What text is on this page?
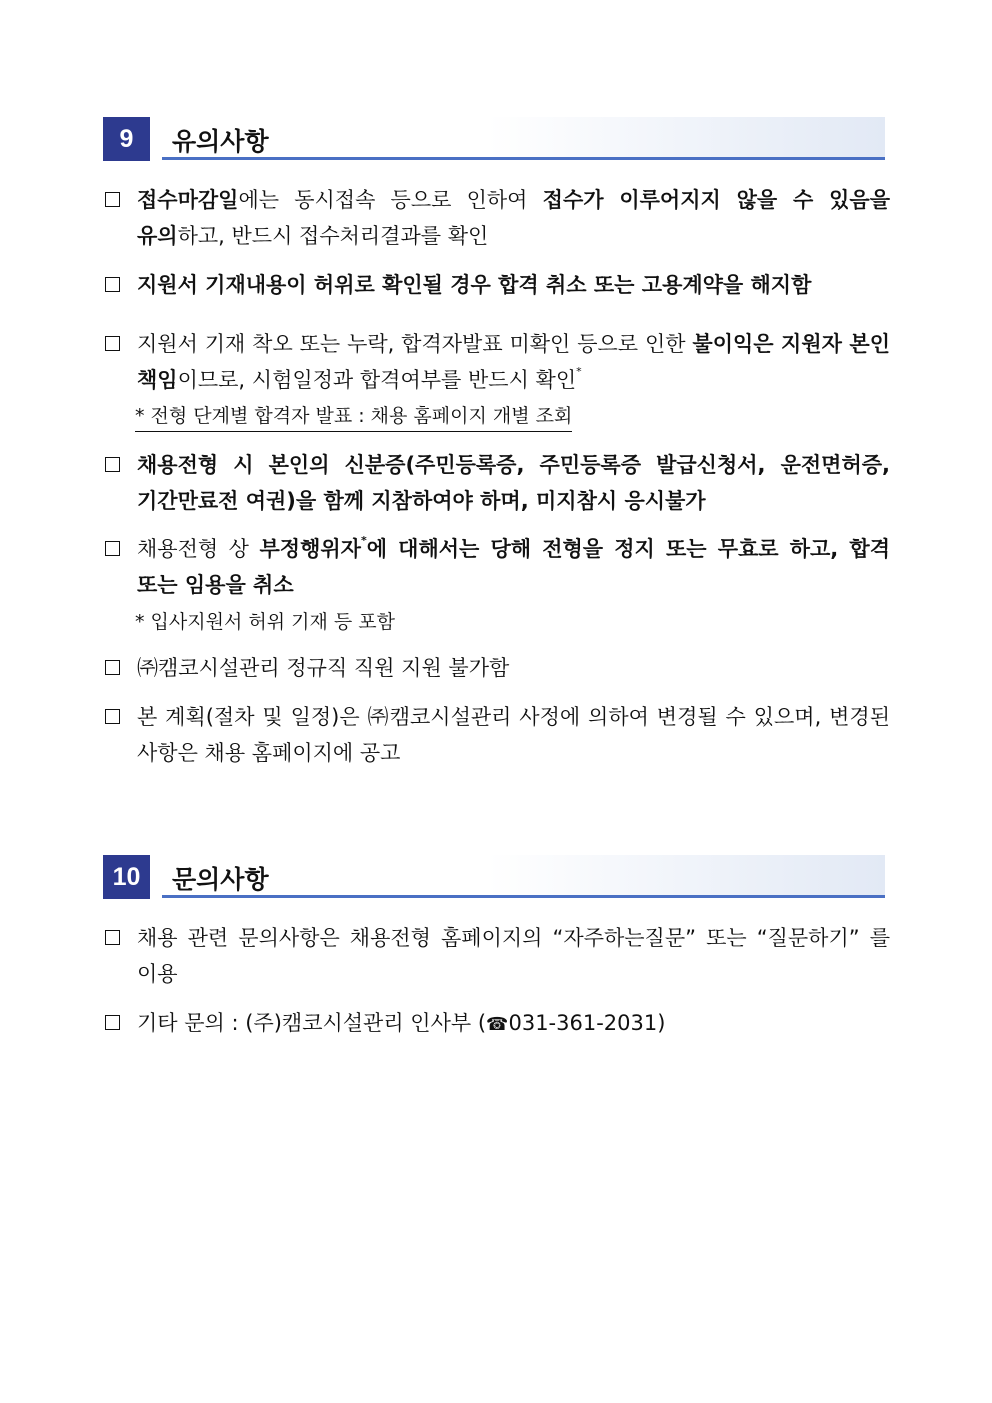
9	유의사항
접수마감일에는 동시접속 등으로 인하여 접수가 이루어지지 않을 수 있음을 유의하고, 반드시 접수처리결과를 확인
지원서 기재내용이 허위로 확인될 경우 합격 취소 또는 고용계약을 해지함
지원서 기재 착오 또는 누락, 합격자발표 미확인 등으로 인한 불이익은 지원자 본인 책임이므로, 시험일정과 합격여부를 반드시 확인*
* 전형 단계별 합격자 발표 : 채용 홈페이지 개별 조회
채용전형 시 본인의 신분증(주민등록증, 주민등록증 발급신청서, 운전면허증, 기간만료전 여권)을 함께 지참하여야 하며, 미지참시 응시불가
채용전형 상 부정행위자*에 대해서는 당해 전형을 정지 또는 무효로 하고, 합격 또는 임용을 취소
* 입사지원서 허위 기재 등 포함
㈜캠코시설관리 정규직 직원 지원 불가함
본 계획(절차 및 일정)은 ㈜캠코시설관리 사정에 의하여 변경될 수 있으며, 변경된 사항은 채용 홈페이지에 공고
10	문의사항
채용 관련 문의사항은 채용전형 홈페이지의 “자주하는질문” 또는 “질문하기” 를 이용
기타 문의 : (주)캠코시설관리 인사부 (☎031-361-2031)
